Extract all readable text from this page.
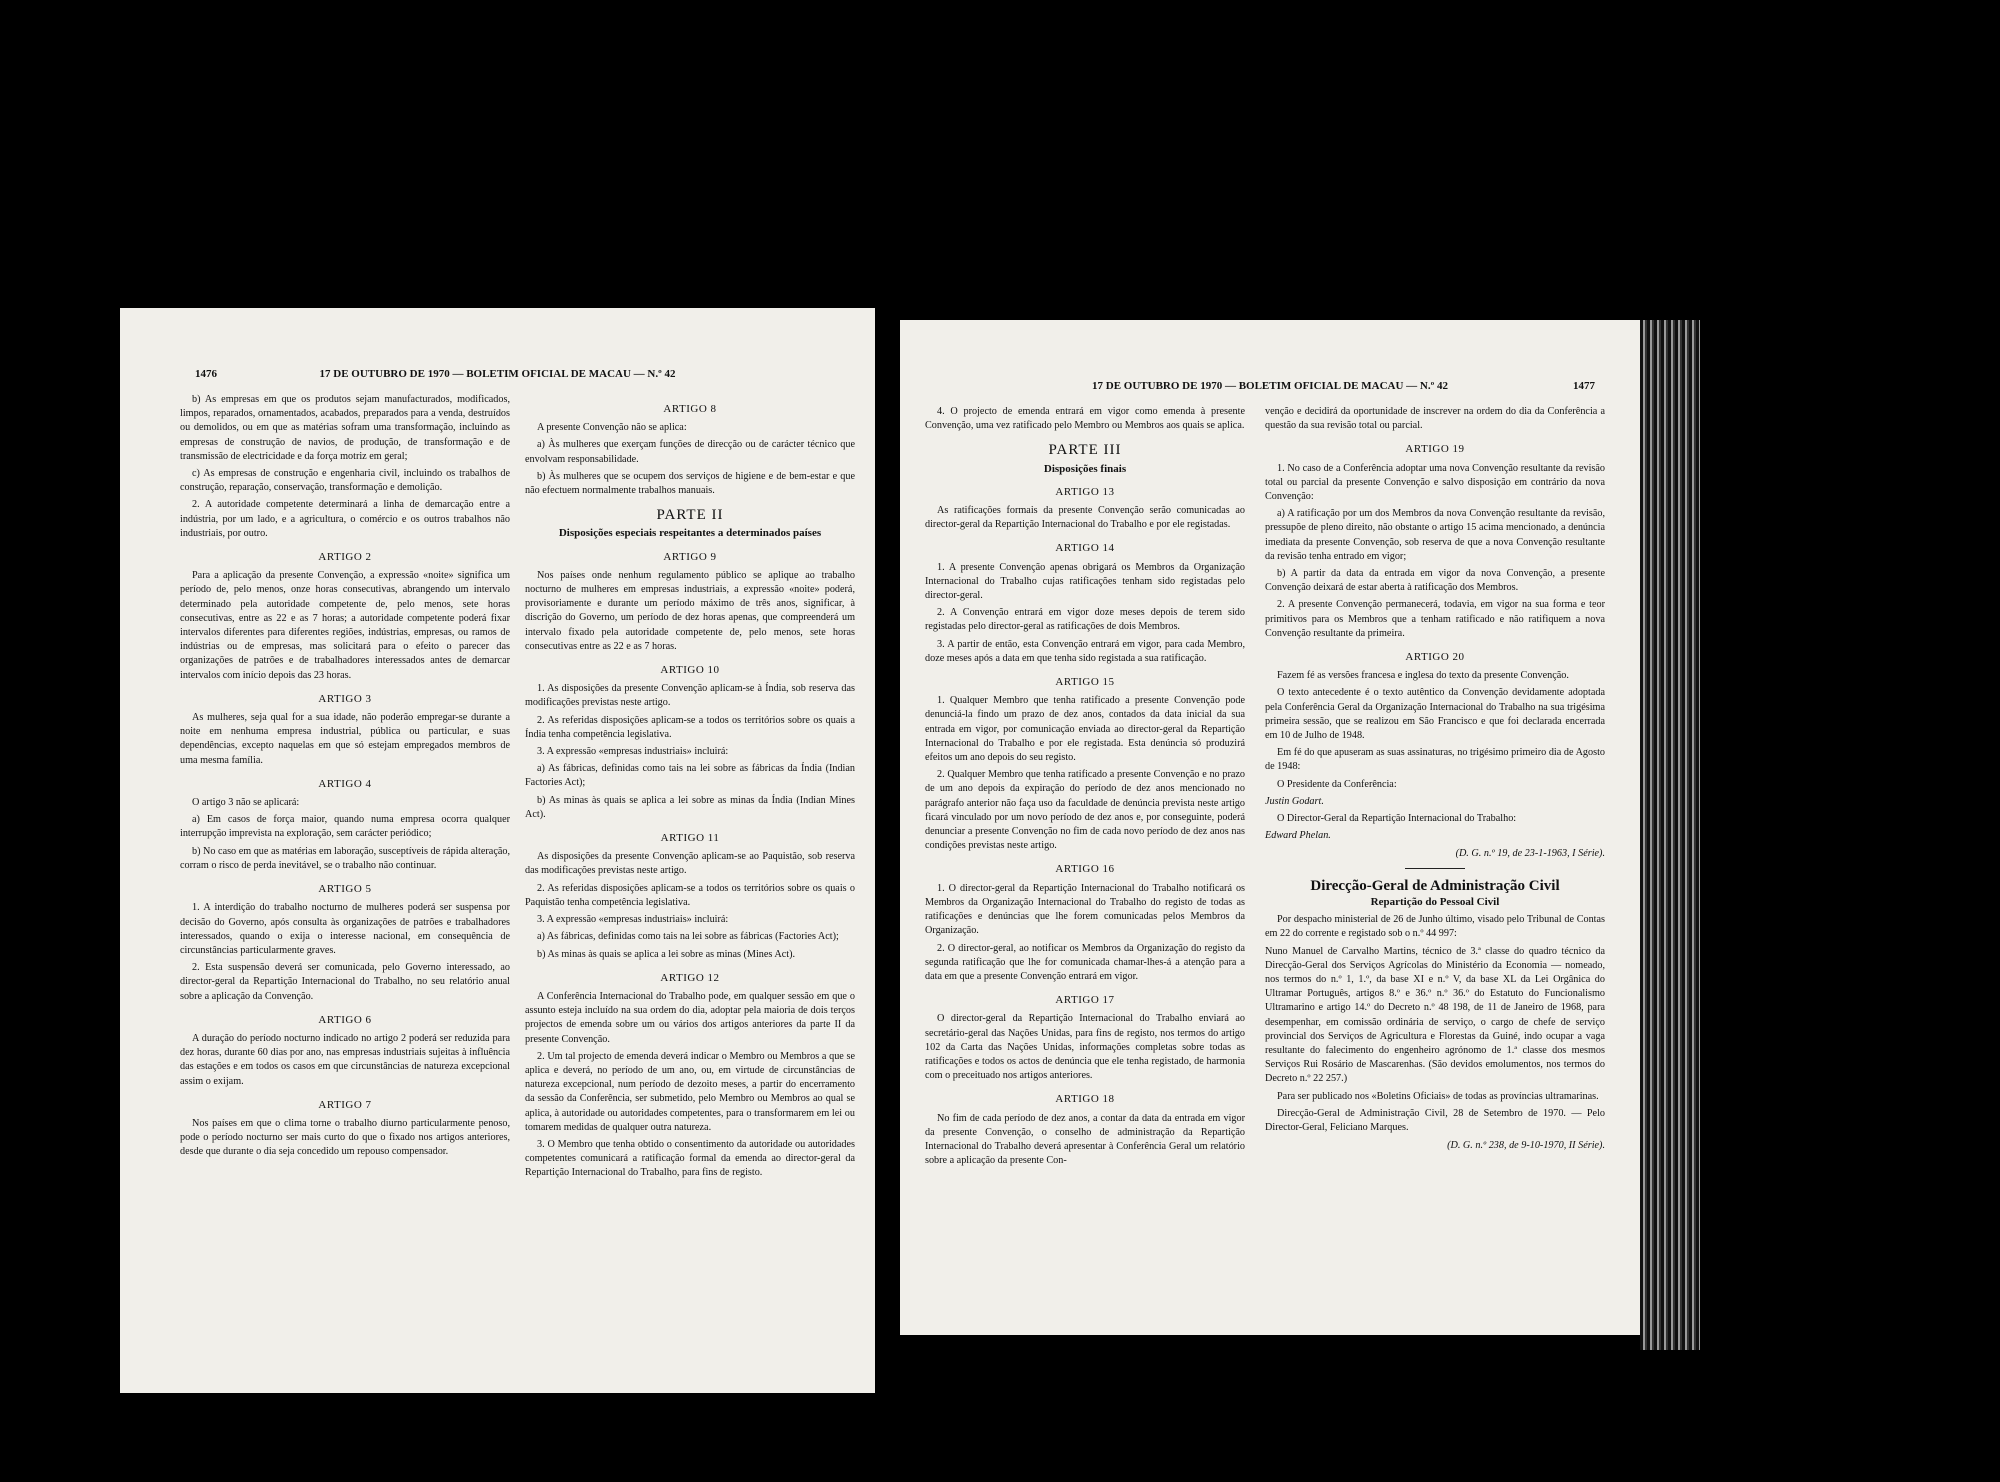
1476	17 DE OUTUBRO DE 1970 — BOLETIM OFICIAL DE MACAU — N.º 42

b) As empresas em que os produtos sejam manufacturados, modificados, limpos, reparados, ornamentados, acabados, preparados para a venda, destruídos ou demolidos, ou em que as matérias sofram uma transformação, incluindo as empresas de construção de navios, de produção, de transformação e de transmissão de electricidade e da força motriz em geral;

c) As empresas de construção e engenharia civil, incluindo os trabalhos de construção, reparação, conservação, transformação e demolição.

2. A autoridade competente determinará a linha de demarcação entre a indústria, por um lado, e a agricultura, o comércio e os outros trabalhos não industriais, por outro.

ARTIGO 2

Para a aplicação da presente Convenção, a expressão «noite» significa um período de, pelo menos, onze horas consecutivas, abrangendo um intervalo determinado pela autoridade competente de, pelo menos, sete horas consecutivas, entre as 22 e as 7 horas; a autoridade competente poderá fixar intervalos diferentes para diferentes regiões, indústrias, empresas, ou ramos de indústrias ou de empresas, mas solicitará para o efeito o parecer das organizações de patrões e de trabalhadores interessados antes de demarcar intervalos com início depois das 23 horas.

ARTIGO 3

As mulheres, seja qual for a sua idade, não poderão empregar-se durante a noite em nenhuma empresa industrial, pública ou particular, e suas dependências, excepto naquelas em que só estejam empregados membros de uma mesma família.

ARTIGO 4

O artigo 3 não se aplicará:

a) Em casos de força maior, quando numa empresa ocorra qualquer interrupção imprevista na exploração, sem carácter periódico;

b) No caso em que as matérias em laboração, susceptíveis de rápida alteração, corram o risco de perda inevitável, se o trabalho não continuar.

ARTIGO 5

1. A interdição do trabalho nocturno de mulheres poderá ser suspensa por decisão do Governo, após consulta às organizações de patrões e trabalhadores interessados, quando o exija o interesse nacional, em consequência de circunstâncias particularmente graves.

2. Esta suspensão deverá ser comunicada, pelo Governo interessado, ao director-geral da Repartição Internacional do Trabalho, no seu relatório anual sobre a aplicação da Convenção.

ARTIGO 6

A duração do período nocturno indicado no artigo 2 poderá ser reduzida para dez horas, durante 60 dias por ano, nas empresas industriais sujeitas à influência das estações e em todos os casos em que circunstâncias de natureza excepcional assim o exijam.

ARTIGO 7

Nos países em que o clima torne o trabalho diurno particularmente penoso, pode o período nocturno ser mais curto do que o fixado nos artigos anteriores, desde que durante o dia seja concedido um repouso compensador.

ARTIGO 8

A presente Convenção não se aplica:

a) Às mulheres que exerçam funções de direcção ou de carácter técnico que envolvam responsabilidade.

b) Às mulheres que se ocupem dos serviços de higiene e de bem-estar e que não efectuem normalmente trabalhos manuais.

PARTE II
Disposições especiais respeitantes a determinados países
ARTIGO 9

Nos países onde nenhum regulamento público se aplique ao trabalho nocturno de mulheres em empresas industriais, a expressão «noite» poderá, provisoriamente e durante um período máximo de três anos, significar, à discrição do Governo, um período de dez horas apenas, que compreenderá um intervalo fixado pela autoridade competente de, pelo menos, sete horas consecutivas entre as 22 e as 7 horas.

ARTIGO 10

1. As disposições da presente Convenção aplicam-se à Índia, sob reserva das modificações previstas neste artigo.

2. As referidas disposições aplicam-se a todos os territórios sobre os quais a Índia tenha competência legislativa.

3. A expressão «empresas industriais» incluirá:

a) As fábricas, definidas como tais na lei sobre as fábricas da Índia (Indian Factories Act);

b) As minas às quais se aplica a lei sobre as minas da Índia (Indian Mines Act).

ARTIGO 11

As disposições da presente Convenção aplicam-se ao Paquistão, sob reserva das modificações previstas neste artigo.

2. As referidas disposições aplicam-se a todos os territórios sobre os quais o Paquistão tenha competência legislativa.

3. A expressão «empresas industriais» incluirá:

a) As fábricas, definidas como tais na lei sobre as fábricas (Factories Act);

b) As minas às quais se aplica a lei sobre as minas (Mines Act).

ARTIGO 12

A Conferência Internacional do Trabalho pode, em qualquer sessão em que o assunto esteja incluído na sua ordem do dia, adoptar pela maioria de dois terços projectos de emenda sobre um ou vários dos artigos anteriores da parte II da presente Convenção.

2. Um tal projecto de emenda deverá indicar o Membro ou Membros a que se aplica e deverá, no período de um ano, ou, em virtude de circunstâncias de natureza excepcional, num período de dezoito meses, a partir do encerramento da sessão da Conferência, ser submetido, pelo Membro ou Membros ao qual se aplica, à autoridade ou autoridades competentes, para o transformarem em lei ou tomarem medidas de qualquer outra natureza.

3. O Membro que tenha obtido o consentimento da autoridade ou autoridades competentes comunicará a ratificação formal da emenda ao director-geral da Repartição Internacional do Trabalho, para fins de registo.

17 DE OUTUBRO DE 1970 — BOLETIM OFICIAL DE MACAU — N.º 42	1477

4. O projecto de emenda entrará em vigor como emenda à presente Convenção, uma vez ratificado pelo Membro ou Membros aos quais se aplica.

PARTE III
Disposições finais
ARTIGO 13

As ratificações formais da presente Convenção serão comunicadas ao director-geral da Repartição Internacional do Trabalho e por ele registadas.

ARTIGO 14

1. A presente Convenção apenas obrigará os Membros da Organização Internacional do Trabalho cujas ratificações tenham sido registadas pelo director-geral.

2. A Convenção entrará em vigor doze meses depois de terem sido registadas pelo director-geral as ratificações de dois Membros.

3. A partir de então, esta Convenção entrará em vigor, para cada Membro, doze meses após a data em que tenha sido registada a sua ratificação.

ARTIGO 15

1. Qualquer Membro que tenha ratificado a presente Convenção pode denunciá-la findo um prazo de dez anos, contados da data inicial da sua entrada em vigor, por comunicação enviada ao director-geral da Repartição Internacional do Trabalho e por ele registada. Esta denúncia só produzirá efeitos um ano depois do seu registo.

2. Qualquer Membro que tenha ratificado a presente Convenção e no prazo de um ano depois da expiração do período de dez anos mencionado no parágrafo anterior não faça uso da faculdade de denúncia prevista neste artigo ficará vinculado por um novo período de dez anos e, por conseguinte, poderá denunciar a presente Convenção no fim de cada novo período de dez anos nas condições previstas neste artigo.

ARTIGO 16

1. O director-geral da Repartição Internacional do Trabalho notificará os Membros da Organização Internacional do Trabalho do registo de todas as ratificações e denúncias que lhe forem comunicadas pelos Membros da Organização.

2. O director-geral, ao notificar os Membros da Organização do registo da segunda ratificação que lhe for comunicada chamar-lhes-á a atenção para a data em que a presente Convenção entrará em vigor.

ARTIGO 17

O director-geral da Repartição Internacional do Trabalho enviará ao secretário-geral das Nações Unidas, para fins de registo, nos termos do artigo 102 da Carta das Nações Unidas, informações completas sobre todas as ratificações e todos os actos de denúncia que ele tenha registado, de harmonia com o preceituado nos artigos anteriores.

ARTIGO 18

No fim de cada período de dez anos, a contar da data da entrada em vigor da presente Convenção, o conselho de administração da Repartição Internacional do Trabalho deverá apresentar à Conferência Geral um relatório sobre a aplicação da presente Con-

venção e decidirá da oportunidade de inscrever na ordem do dia da Conferência a questão da sua revisão total ou parcial.

ARTIGO 19

1. No caso de a Conferência adoptar uma nova Convenção resultante da revisão total ou parcial da presente Convenção e salvo disposição em contrário da nova Convenção:

a) A ratificação por um dos Membros da nova Convenção resultante da revisão, pressupõe de pleno direito, não obstante o artigo 15 acima mencionado, a denúncia imediata da presente Convenção, sob reserva de que a nova Convenção resultante da revisão tenha entrado em vigor;

b) A partir da data da entrada em vigor da nova Convenção, a presente Convenção deixará de estar aberta à ratificação dos Membros.

2. A presente Convenção permanecerá, todavia, em vigor na sua forma e teor primitivos para os Membros que a tenham ratificado e não ratifiquem a nova Convenção resultante da primeira.

ARTIGO 20

Fazem fé as versões francesa e inglesa do texto da presente Convenção.

O texto antecedente é o texto autêntico da Convenção devidamente adoptada pela Conferência Geral da Organização Internacional do Trabalho na sua trigésima primeira sessão, que se realizou em São Francisco e que foi declarada encerrada em 10 de Julho de 1948.

Em fé do que apuseram as suas assinaturas, no trigésimo primeiro dia de Agosto de 1948:

O Presidente da Conferência:

Justin Godart.

O Director-Geral da Repartição Internacional do Trabalho:

Edward Phelan.

(D. G. n.º 19, de 23-1-1963, I Série).
Direcção-Geral de Administração Civil
Repartição do Pessoal Civil

Por despacho ministerial de 26 de Junho último, visado pelo Tribunal de Contas em 22 do corrente e registado sob o n.º 44 997:

Nuno Manuel de Carvalho Martins, técnico de 3.ª classe do quadro técnico da Direcção-Geral dos Serviços Agrícolas do Ministério da Economia — nomeado, nos termos do n.º 1, 1.º, da base XI e n.º V, da base XL da Lei Orgânica do Ultramar Português, artigos 8.º e 36.º n.º 36.º do Estatuto do Funcionalismo Ultramarino e artigo 14.º do Decreto n.º 48 198, de 11 de Janeiro de 1968, para desempenhar, em comissão ordinária de serviço, o cargo de chefe de serviço provincial dos Serviços de Agricultura e Florestas da Guiné, indo ocupar a vaga resultante do falecimento do engenheiro agrónomo de 1.ª classe dos mesmos Serviços Rui Rosário de Mascarenhas. (São devidos emolumentos, nos termos do Decreto n.º 22 257.)

Para ser publicado nos «Boletins Oficiais» de todas as províncias ultramarinas.

Direcção-Geral de Administração Civil, 28 de Setembro de 1970. — Pelo Director-Geral, Feliciano Marques.

(D. G. n.º 238, de 9-10-1970, II Série).
